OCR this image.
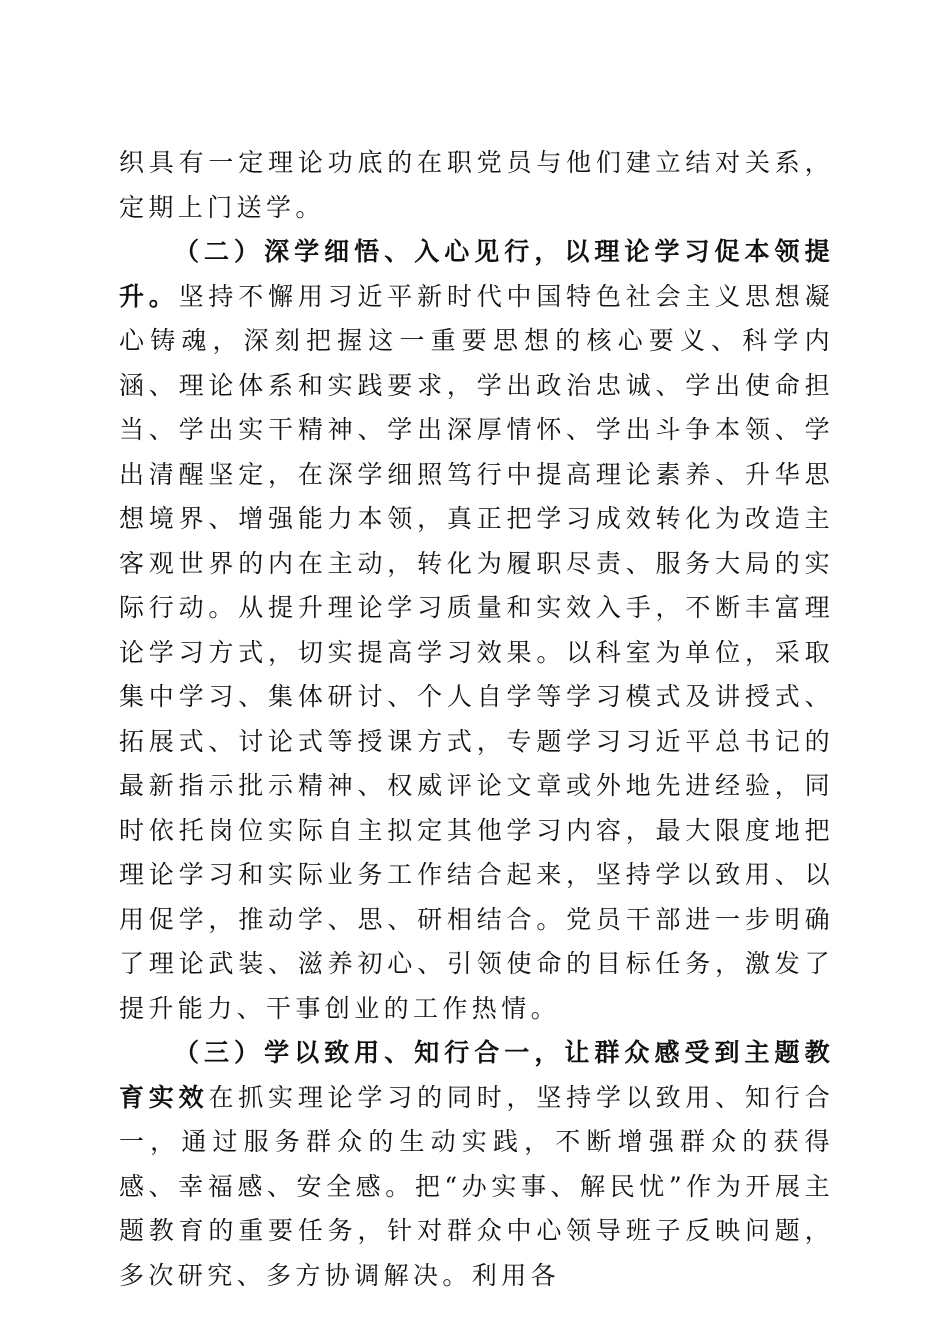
织具有一定理论功底的在职党员与他们建立结对关系，定期上门送学。

（二）深学细悟、入心见行，以理论学习促本领提升。坚持不懈用习近平新时代中国特色社会主义思想凝心铸魂，深刻把握这一重要思想的核心要义、科学内涵、理论体系和实践要求，学出政治忠诚、学出使命担当、学出实干精神、学出深厚情怀、学出斗争本领、学出清醒坚定，在深学细照笃行中提高理论素养、升华思想境界、增强能力本领，真正把学习成效转化为改造主客观世界的内在主动，转化为履职尽责、服务大局的实际行动。从提升理论学习质量和实效入手，不断丰富理论学习方式，切实提高学习效果。以科室为单位，采取集中学习、集体研讨、个人自学等学习模式及讲授式、拓展式、讨论式等授课方式，专题学习习近平总书记的最新指示批示精神、权威评论文章或外地先进经验，同时依托岗位实际自主拟定其他学习内容，最大限度地把理论学习和实际业务工作结合起来，坚持学以致用、以用促学，推动学、思、研相结合。党员干部进一步明确了理论武装、滋养初心、引领使命的目标任务，激发了提升能力、干事创业的工作热情。

（三）学以致用、知行合一，让群众感受到主题教育实效在抓实理论学习的同时，坚持学以致用、知行合一，通过服务群众的生动实践，不断增强群众的获得感、幸福感、安全感。把“办实事、解民忧”作为开展主题教育的重要任务，针对群众中心领导班子反映问题，多次研究、多方协调解决。利用各
